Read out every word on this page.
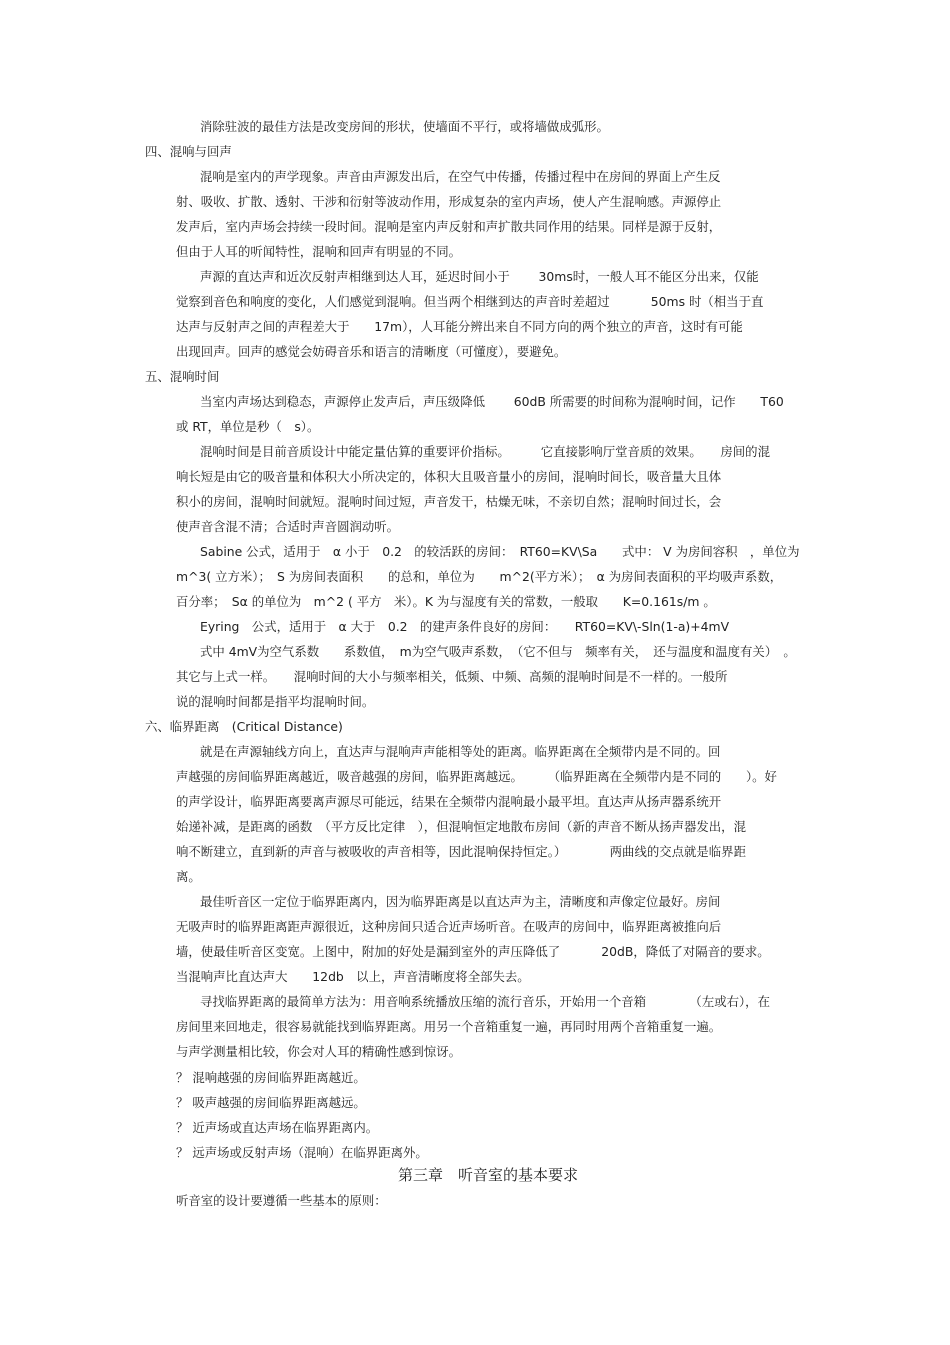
消除驻波的最佳方法是改变房间的形状，使墙面不平行，或将墙做成弧形。

四、混响与回声

混响是室内的声学现象。声音由声源发出后，在空气中传播，传播过程中在房间的界面上产生反

射、吸收、扩散、透射、干涉和衍射等波动作用，形成复杂的室内声场，使人产生混响感。声源停止

发声后，室内声场会持续一段时间。混响是室内声反射和声扩散共同作用的结果。同样是源于反射，

但由于人耳的听闻特性，混响和回声有明显的不同。

声源的直达声和近次反射声相继到达人耳，延迟时间小于　　 30ms时，一般人耳不能区分出来，仅能

觉察到音色和响度的变化，人们感觉到混响。但当两个相继到达的声音时差超过　　　 50ms 时（相当于直

达声与反射声之间的声程差大于　　17m），人耳能分辨出来自不同方向的两个独立的声音，这时有可能

出现回声。回声的感觉会妨碍音乐和语言的清晰度（可懂度），要避免。

五、混响时间

当室内声场达到稳态，声源停止发声后，声压级降低　　 60dB 所需要的时间称为混响时间，记作　　T60

或 RT，单位是秒（　s）。

混响时间是目前音质设计中能定量估算的重要评价指标。　　　它直接影响厅堂音质的效果。　　房间的混

响长短是由它的吸音量和体积大小所决定的，体积大且吸音量小的房间，混响时间长，吸音量大且体

积小的房间，混响时间就短。混响时间过短，声音发干，枯燥无味，不亲切自然；混响时间过长，会

使声音含混不清；合适时声音圆润动听。

Sabine 公式，适用于　α 小于　0.2　的较活跃的房间：　RT60=KV\Sa　　式中： V 为房间容积　，单位为

m^3( 立方米）；　S 为房间表面积　　的总和，单位为　　m^2(平方米）；　α 为房间表面积的平均吸声系数，

百分率；　Sα 的单位为　m^2 ( 平方　米）。K 为与湿度有关的常数，一般取　　K=0.161s/m 。

Eyring　公式，适用于　α 大于　0.2　的建声条件良好的房间：　　RT60=KV\-Sln(1-a)+4mV

式中 4mV为空气系数　　系数值，　m为空气吸声系数，　（它不但与　频率有关，　还与温度和温度有关）　。

其它与上式一样。　　混响时间的大小与频率相关，低频、中频、高频的混响时间是不一样的。一般所

说的混响时间都是指平均混响时间。

六、临界距离　(Critical Distance)

就是在声源轴线方向上，直达声与混响声声能相等处的距离。临界距离在全频带内是不同的。回

声越强的房间临界距离越近，吸音越强的房间，临界距离越远。　　　（临界距离在全频带内是不同的　　）。好

的声学设计，临界距离要离声源尽可能远，结果在全频带内混响最小最平坦。直达声从扬声器系统开

始递补减，是距离的函数　（平方反比定律　），但混响恒定地散布房间（新的声音不断从扬声器发出，混

响不断建立，直到新的声音与被吸收的声音相等，因此混响保持恒定。）　　　　两曲线的交点就是临界距

离。

最佳听音区一定位于临界距离内，因为临界距离是以直达声为主，清晰度和声像定位最好。房间

无吸声时的临界距离距声源很近，这种房间只适合近声场听音。在吸声的房间中，临界距离被推向后

墙，使最佳听音区变宽。上图中，附加的好处是漏到室外的声压降低了　　　 20dB，降低了对隔音的要求。

当混响声比直达声大　　12db　以上，声音清晰度将全部失去。

寻找临界距离的最简单方法为：用音响系统播放压缩的流行音乐，开始用一个音箱　　　　（左或右），在

房间里来回地走，很容易就能找到临界距离。用另一个音箱重复一遍，再同时用两个音箱重复一遍。

与声学测量相比较，你会对人耳的精确性感到惊讶。

？ 混响越强的房间临界距离越近。

？ 吸声越强的房间临界距离越远。

？ 近声场或直达声场在临界距离内。

？ 远声场或反射声场（混响）在临界距离外。

第三章　听音室的基本要求

听音室的设计要遵循一些基本的原则：
